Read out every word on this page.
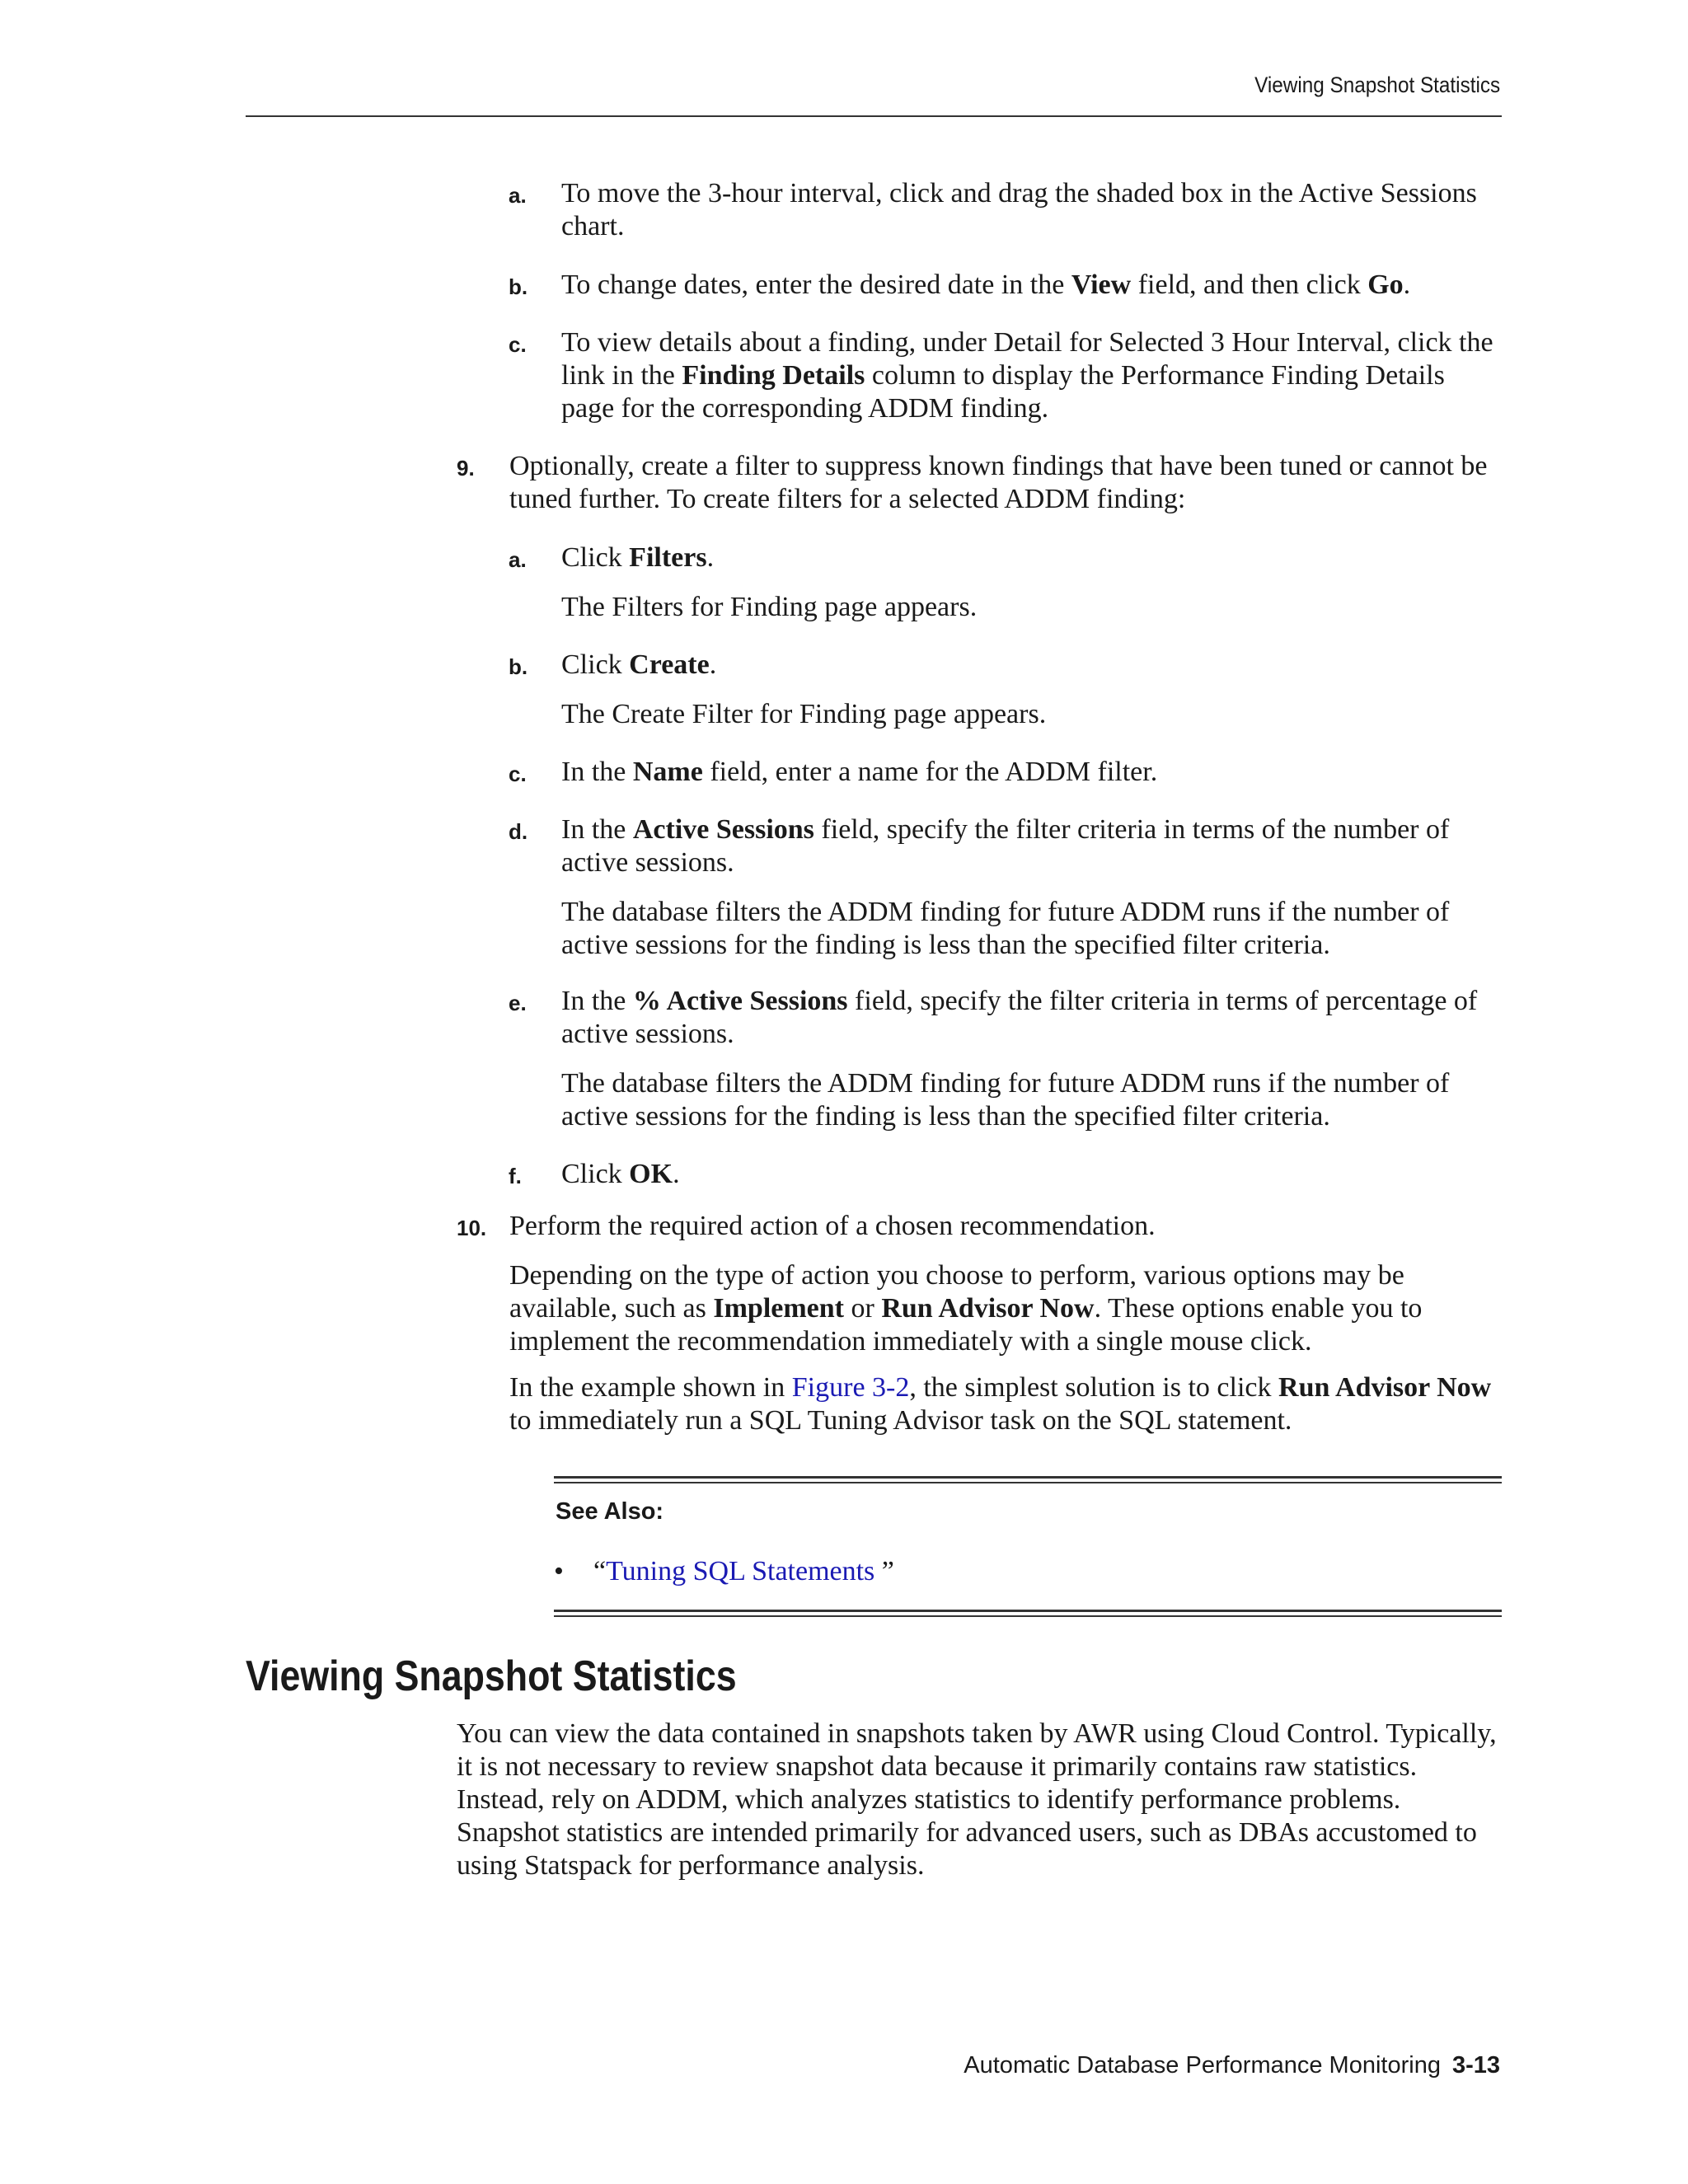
Viewing Snapshot Statistics
a. To move the 3-hour interval, click and drag the shaded box in the Active Sessions chart.
b. To change dates, enter the desired date in the View field, and then click Go.
c. To view details about a finding, under Detail for Selected 3 Hour Interval, click the link in the Finding Details column to display the Performance Finding Details page for the corresponding ADDM finding.
9. Optionally, create a filter to suppress known findings that have been tuned or cannot be tuned further. To create filters for a selected ADDM finding:
a. Click Filters.
The Filters for Finding page appears.
b. Click Create.
The Create Filter for Finding page appears.
c. In the Name field, enter a name for the ADDM filter.
d. In the Active Sessions field, specify the filter criteria in terms of the number of active sessions.
The database filters the ADDM finding for future ADDM runs if the number of active sessions for the finding is less than the specified filter criteria.
e. In the % Active Sessions field, specify the filter criteria in terms of percentage of active sessions.
The database filters the ADDM finding for future ADDM runs if the number of active sessions for the finding is less than the specified filter criteria.
f. Click OK.
10. Perform the required action of a chosen recommendation.
Depending on the type of action you choose to perform, various options may be available, such as Implement or Run Advisor Now. These options enable you to implement the recommendation immediately with a single mouse click.
In the example shown in Figure 3-2, the simplest solution is to click Run Advisor Now to immediately run a SQL Tuning Advisor task on the SQL statement.
See Also:
• “Tuning SQL Statements ”
Viewing Snapshot Statistics
You can view the data contained in snapshots taken by AWR using Cloud Control. Typically, it is not necessary to review snapshot data because it primarily contains raw statistics. Instead, rely on ADDM, which analyzes statistics to identify performance problems. Snapshot statistics are intended primarily for advanced users, such as DBAs accustomed to using Statspack for performance analysis.
Automatic Database Performance Monitoring 3-13
